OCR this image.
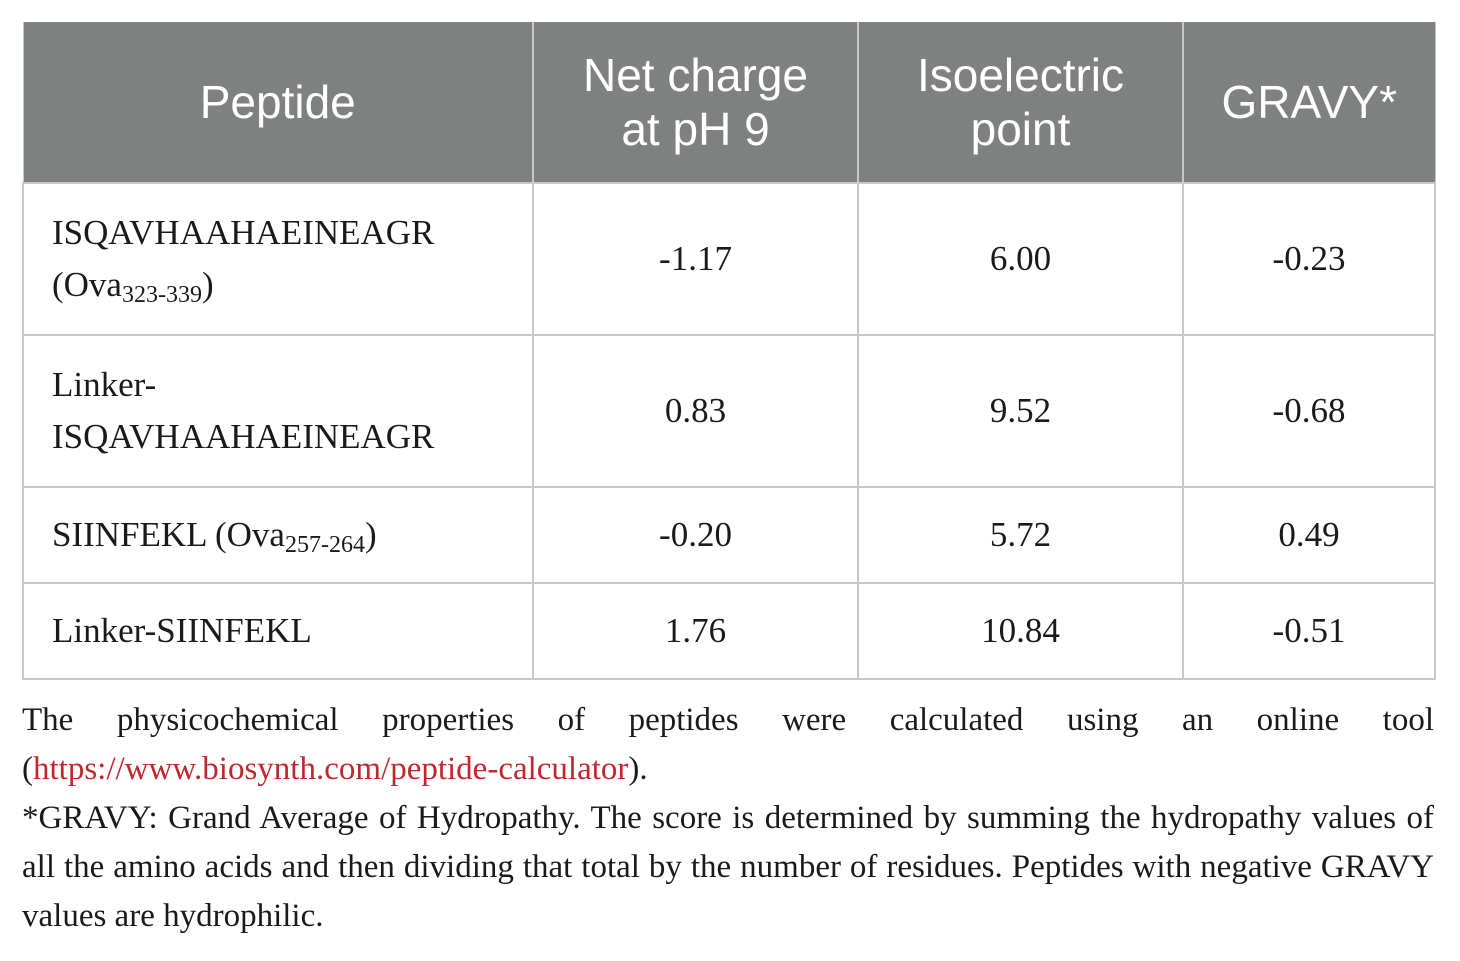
Peptide	Net charge at pH 9	Isoelectric point	GRAVY*
ISQAVHAAHAEINEAGR
(Ova$_{323-339}$)	-1.17	6.00	-0.23
Linker-
ISQAVHAAHAEINEAGR	0.83	9.52	-0.68
SIINFEKL (Ova$_{257-264}$)	-0.20	5.72	0.49
Linker-SIINFEKL	1.76	10.84	-0.51

The physicochemical properties of peptides were calculated using an online tool (https://www.biosynth.com/peptide-calculator).

*GRAVY: Grand Average of Hydropathy. The score is determined by summing the hydropathy values of all the amino acids and then dividing that total by the number of residues. Peptides with negative GRAVY values are hydrophilic.
